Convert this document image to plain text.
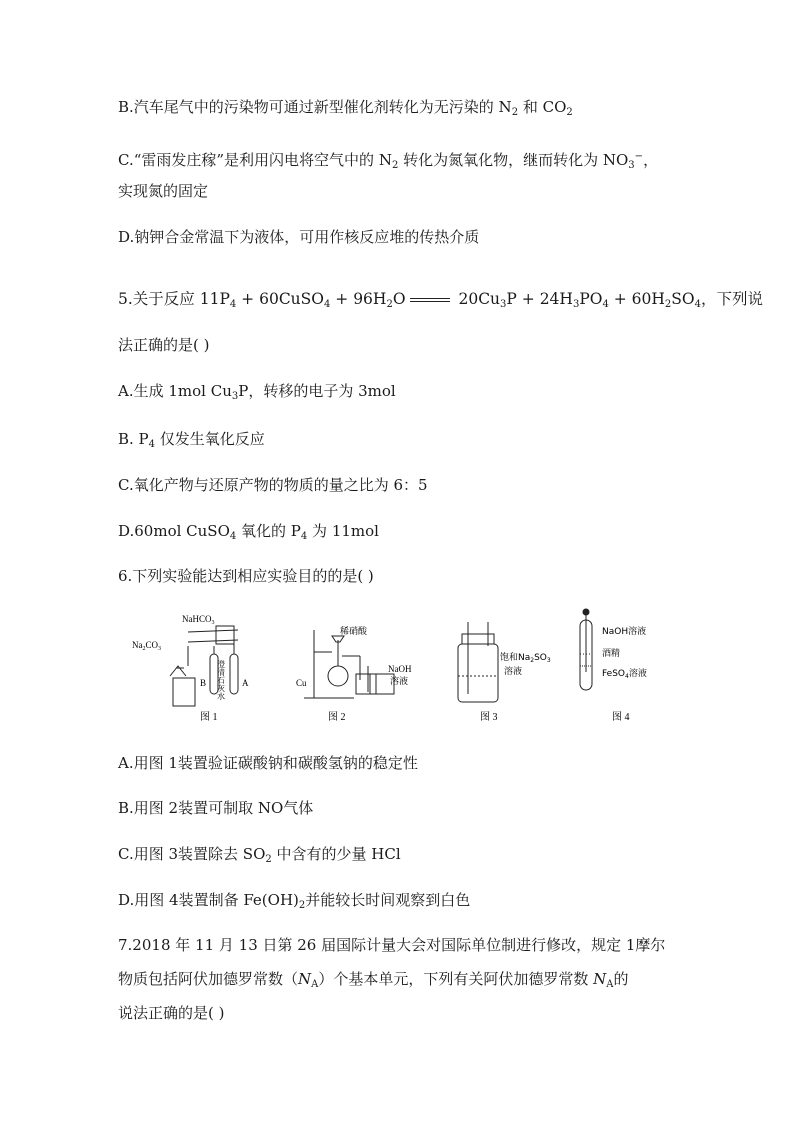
B.汽车尾气中的污染物可通过新型催化剂转化为无污染的 $N_2$ 和 $CO_2$
C.“雷雨发庄稼”是利用闪电将空气中的 $N_2$ 转化为氮氧化物，继而转化为 $NO_3^-$，
实现氮的固定
D.钠钾合金常温下为液体，可用作核反应堆的传热介质
5.关于反应 $11P_4$ + 60CuSO$_4$ + $96H_2O$	$20Cu_3P + 24H_3PO_4 + 60H_2SO_4$，下列说
法正确的是( )
A.生成 1mol $Cu_3P$，转移的电子为 3mol
B. $P_4$ 仅发生氧化反应
C.氧化产物与还原产物的物质的量之比为 6：5
D.60mol CuSO$_4$ 氧化的 $P_4$ 为 11mol
6.下列实验能达到相应实验目的的是( )
NaHCO$_3$
$Na_2CO_3$
B	A
澄清石灰水
图 1
稀硝酸
Cu
NaOH
溶液
图 2
饱和$Na_2SO_3$
溶液
图 3
NaOH溶液
酒精
FeSO$_4$溶液
图 4
A.用图 1装置验证碳酸钠和碳酸氢钠的稳定性
B.用图 2装置可制取 NO气体
C.用图 3装置除去 $SO_2$ 中含有的少量 HCl
D.用图 4装置制备 $Fe(OH)_2$并能较长时间观察到白色
7.2018 年 11 月 13 日第 26 届国际计量大会对国际单位制进行修改，规定 1摩尔
物质包括阿伏加德罗常数$(N_A)$个基本单元，下列有关阿伏加德罗常数 $N_A$的
说法正确的是( )
